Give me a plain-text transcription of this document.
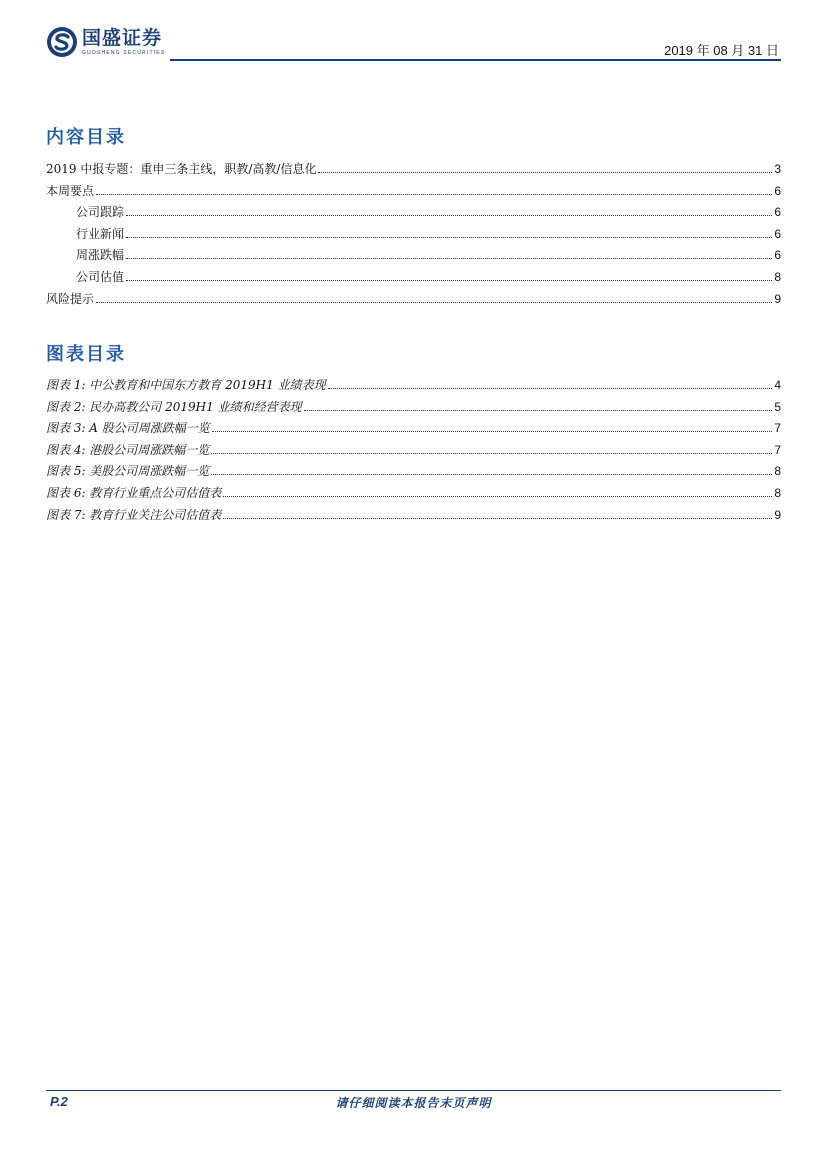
国盛证券
GUOSHENG SECURITIES	2019 年 08 月 31 日
内容目录
2019 中报专题：重申三条主线，职教/高教/信息化	3
本周要点	6
公司跟踪	6
行业新闻	6
周涨跌幅	6
公司估值	8
风险提示	9
图表目录
图表 1: 中公教育和中国东方教育 2019H1 业绩表现	4
图表 2: 民办高教公司 2019H1 业绩和经营表现	5
图表 3: A 股公司周涨跌幅一览	7
图表 4: 港股公司周涨跌幅一览	7
图表 5: 美股公司周涨跌幅一览	8
图表 6: 教育行业重点公司估值表	8
图表 7: 教育行业关注公司估值表	9
P.2	请仔细阅读本报告末页声明
